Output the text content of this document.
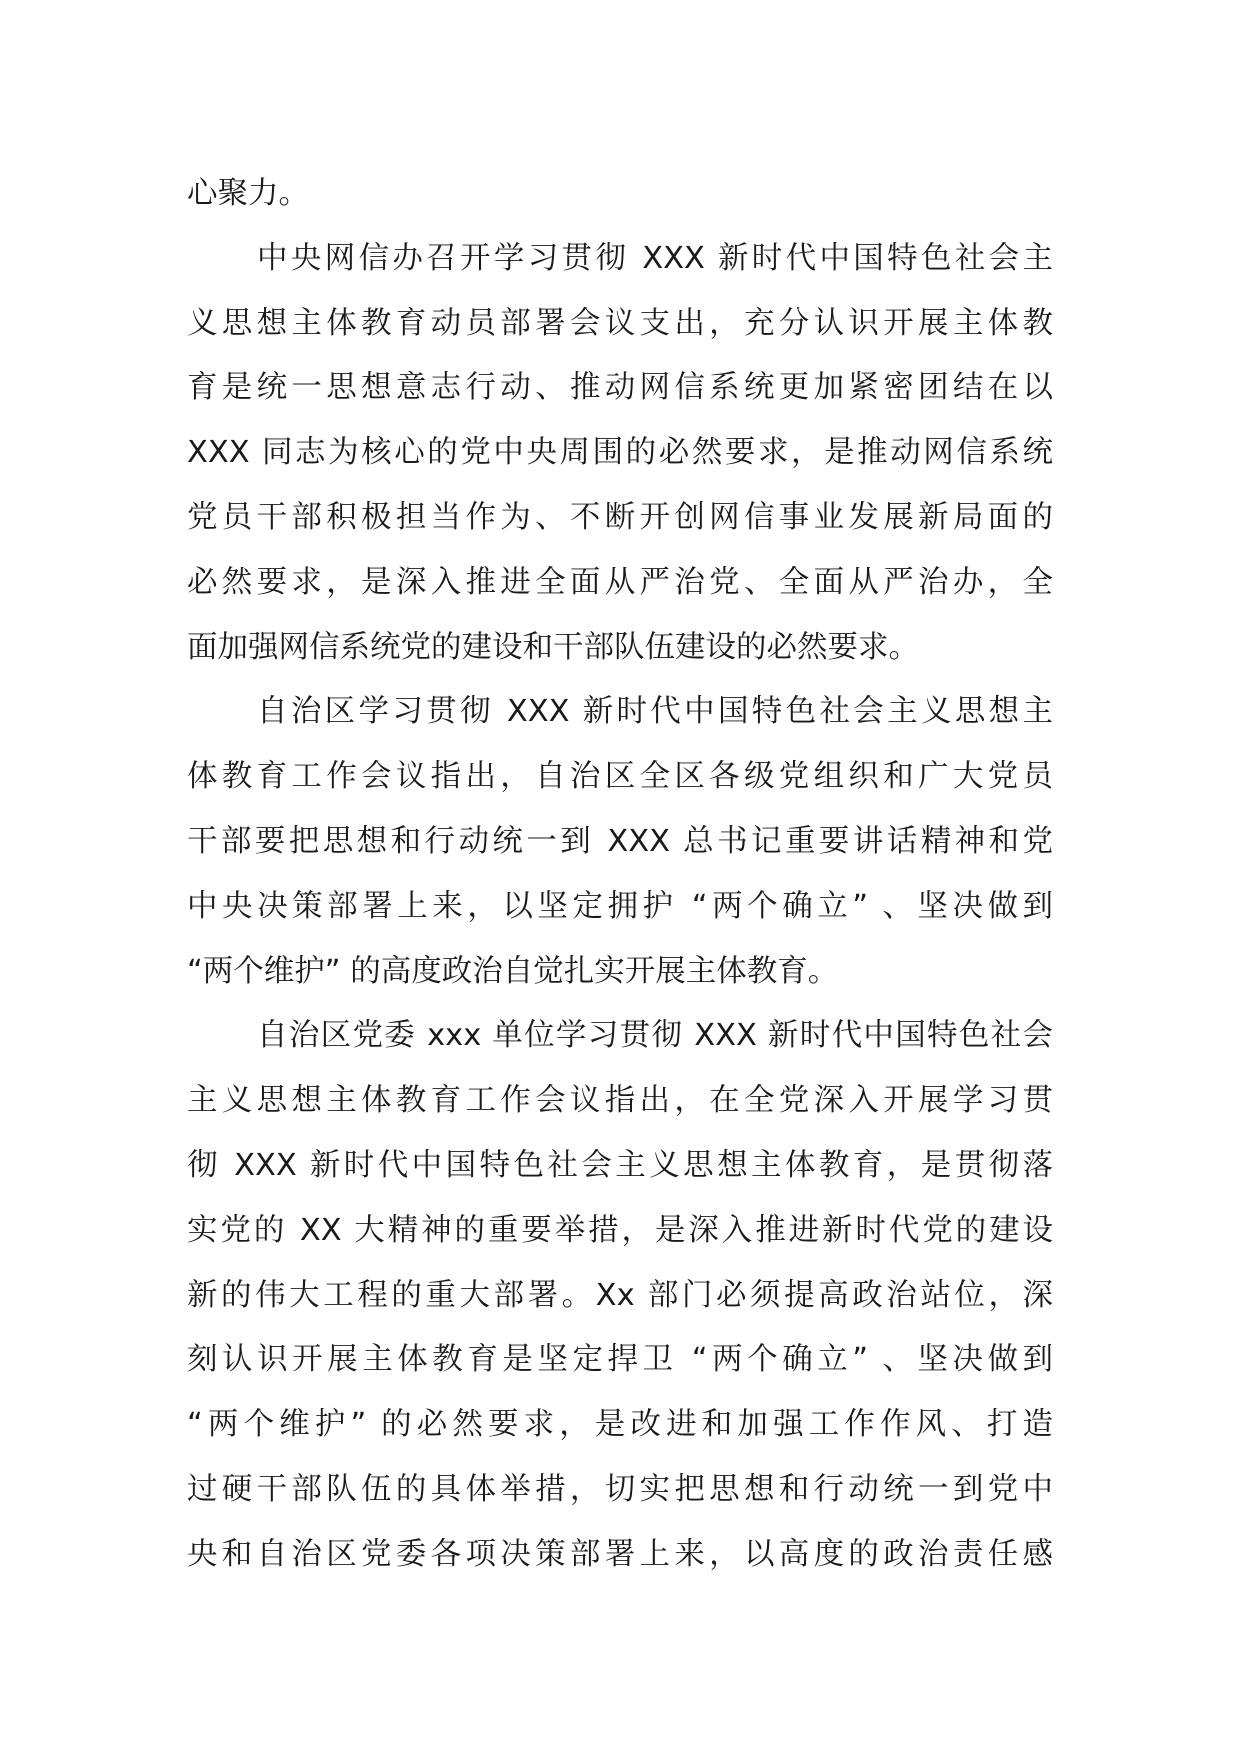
心聚力。
中央网信办召开学习贯彻 XXX 新时代中国特色社会主
义思想主体教育动员部署会议支出，充分认识开展主体教
育是统一思想意志行动、推动网信系统更加紧密团结在以
XXX 同志为核心的党中央周围的必然要求，是推动网信系统
党员干部积极担当作为、不断开创网信事业发展新局面的
必然要求，是深入推进全面从严治党、全面从严治办，全
面加强网信系统党的建设和干部队伍建设的必然要求。
自治区学习贯彻 XXX 新时代中国特色社会主义思想主
体教育工作会议指出，自治区全区各级党组织和广大党员
干部要把思想和行动统一到 XXX 总书记重要讲话精神和党
中央决策部署上来，以坚定拥护 “两个确立” 、坚决做到
“两个维护” 的高度政治自觉扎实开展主体教育。
自治区党委 xxx 单位学习贯彻 XXX 新时代中国特色社会
主义思想主体教育工作会议指出，在全党深入开展学习贯
彻 XXX 新时代中国特色社会主义思想主体教育，是贯彻落
实党的 XX 大精神的重要举措，是深入推进新时代党的建设
新的伟大工程的重大部署。Xx 部门必须提高政治站位，深
刻认识开展主体教育是坚定捍卫 “两个确立” 、坚决做到
“两个维护” 的必然要求，是改进和加强工作作风、打造
过硬干部队伍的具体举措，切实把思想和行动统一到党中
央和自治区党委各项决策部署上来，以高度的政治责任感
